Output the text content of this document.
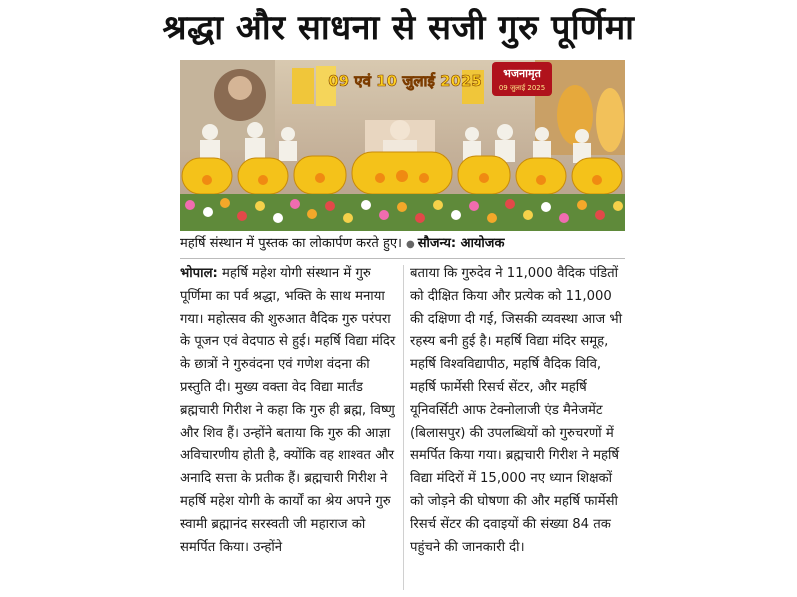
श्रद्धा और साधना से सजी गुरु पूर्णिमा
09 एवं 10 जुलाई 2025 भजनामृत
09 जुलाई 2025
महर्षि संस्थान में पुस्तक का लोकार्पण करते हुए। ● सौजन्य: आयोजक

भोपाल: महर्षि महेश योगी संस्थान में गुरु पूर्णिमा का पर्व श्रद्धा, भक्ति के साथ मनाया गया। महोत्सव की शुरुआत वैदिक गुरु परंपरा के पूजन एवं वेदपाठ से हुई। महर्षि विद्या मंदिर के छात्रों ने गुरुवंदना एवं गणेश वंदना की प्रस्तुति दी। मुख्य वक्ता वेद विद्या मार्तंड ब्रह्मचारी गिरीश ने कहा कि गुरु ही ब्रह्म, विष्णु और शिव हैं। उन्होंने बताया कि गुरु की आज्ञा अविचारणीय होती है, क्योंकि वह शाश्वत और अनादि सत्ता के प्रतीक हैं। ब्रह्मचारी गिरीश ने महर्षि महेश योगी के कार्यों का श्रेय अपने गुरु स्वामी ब्रह्मानंद सरस्वती जी महाराज को समर्पित किया। उन्होंने

बताया कि गुरुदेव ने 11,000 वैदिक पंडितों को दीक्षित किया और प्रत्येक को 11,000 की दक्षिणा दी गई, जिसकी व्यवस्था आज भी रहस्य बनी हुई है। महर्षि विद्या मंदिर समूह, महर्षि विश्वविद्यापीठ, महर्षि वैदिक विवि, महर्षि फार्मेसी रिसर्च सेंटर, और महर्षि यूनिवर्सिटी आफ टेक्नोलाजी एंड मैनेजमेंट (बिलासपुर) की उपलब्धियों को गुरुचरणों में समर्पित किया गया। ब्रह्मचारी गिरीश ने महर्षि विद्या मंदिरों में 15,000 नए ध्यान शिक्षकों को जोड़ने की घोषणा की और महर्षि फार्मेसी रिसर्च सेंटर की दवाइयों की संख्या 84 तक पहुंचने की जानकारी दी।
